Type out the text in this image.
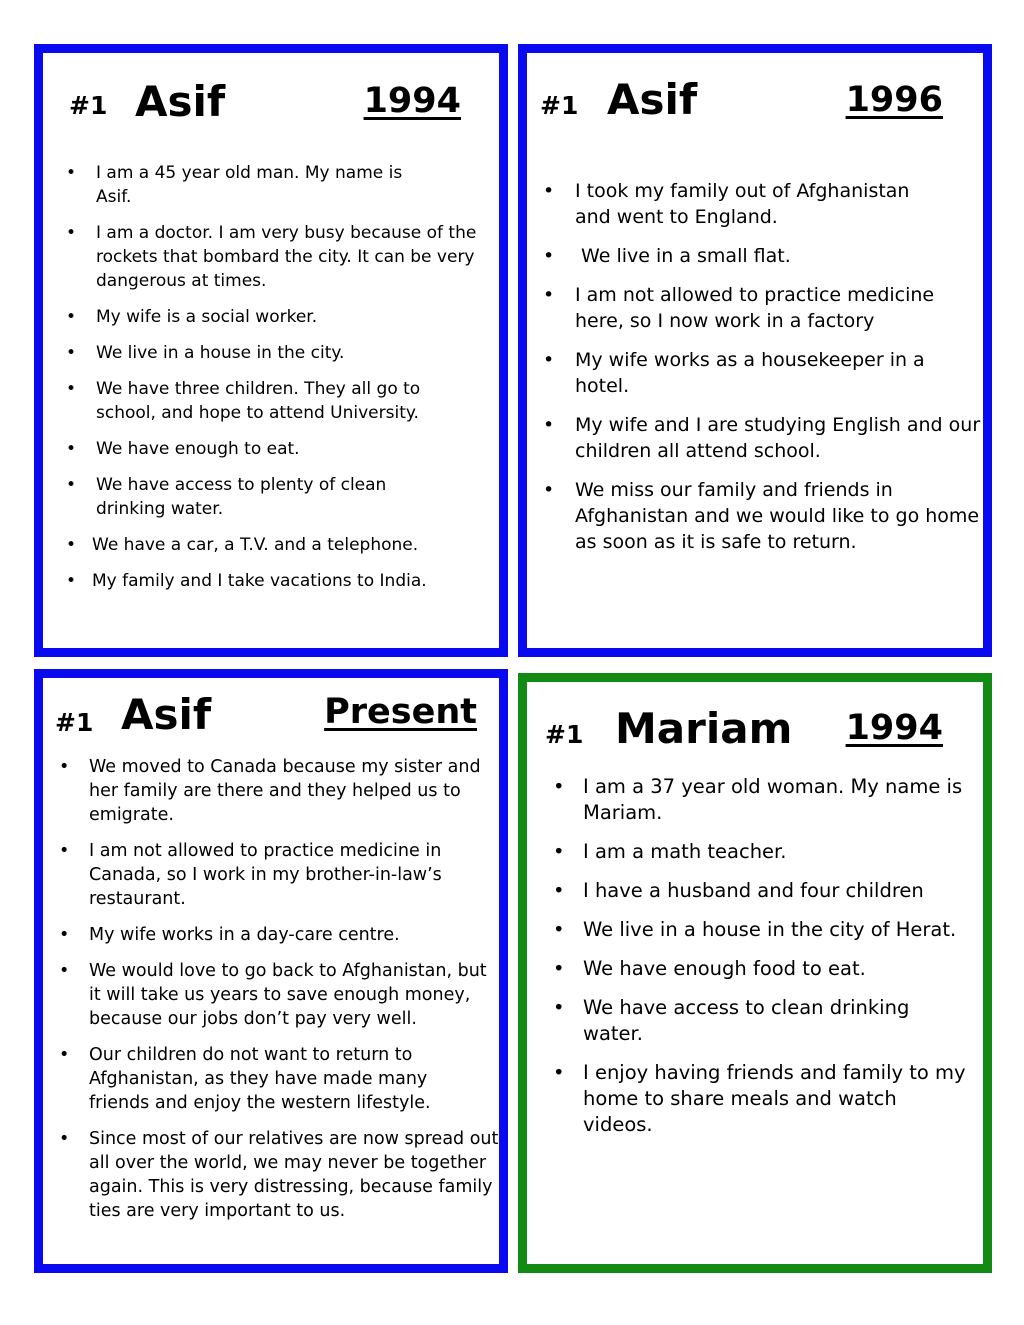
#1 Asif	1994
•	I am a 45 year old man. My name is Asif.
•	I am a doctor. I am very busy because of the rockets that bombard the city. It can be very dangerous at times.
•	My wife is a social worker.
•	We live in a house in the city.
•	We have three children. They all go to school, and hope to attend University.
•	We have enough to eat.
•	We have access to plenty of clean drinking water.
• We have a car, a T.V. and a telephone.
• My family and I take vacations to India.
#1 Asif	1996
•	I took my family out of Afghanistan and went to England.
•	We live in a small flat.
•	I am not allowed to practice medicine here, so I now work in a factory
•	My wife works as a housekeeper in a hotel.
•	My wife and I are studying English and our children all attend school.
•	We miss our family and friends in Afghanistan and we would like to go home as soon as it is safe to return.
#1 Asif	Present
•	We moved to Canada because my sister and her family are there and they helped us to emigrate.
•	I am not allowed to practice medicine in Canada, so I work in my brother-in-law’s restaurant.
•	My wife works in a day-care centre.
•	We would love to go back to Afghanistan, but it will take us years to save enough money, because our jobs don’t pay very well.
•	Our children do not want to return to Afghanistan, as they have made many friends and enjoy the western lifestyle.
•	Since most of our relatives are now spread out all over the world, we may never be together again. This is very distressing, because family ties are very important to us.
#1 Mariam 1994
• I am a 37 year old woman. My name is Mariam.
• I am a math teacher.
• I have a husband and four children
• We live in a house in the city of Herat.
• We have enough food to eat.
• We have access to clean drinking water.
• I enjoy having friends and family to my home to share meals and watch videos.
